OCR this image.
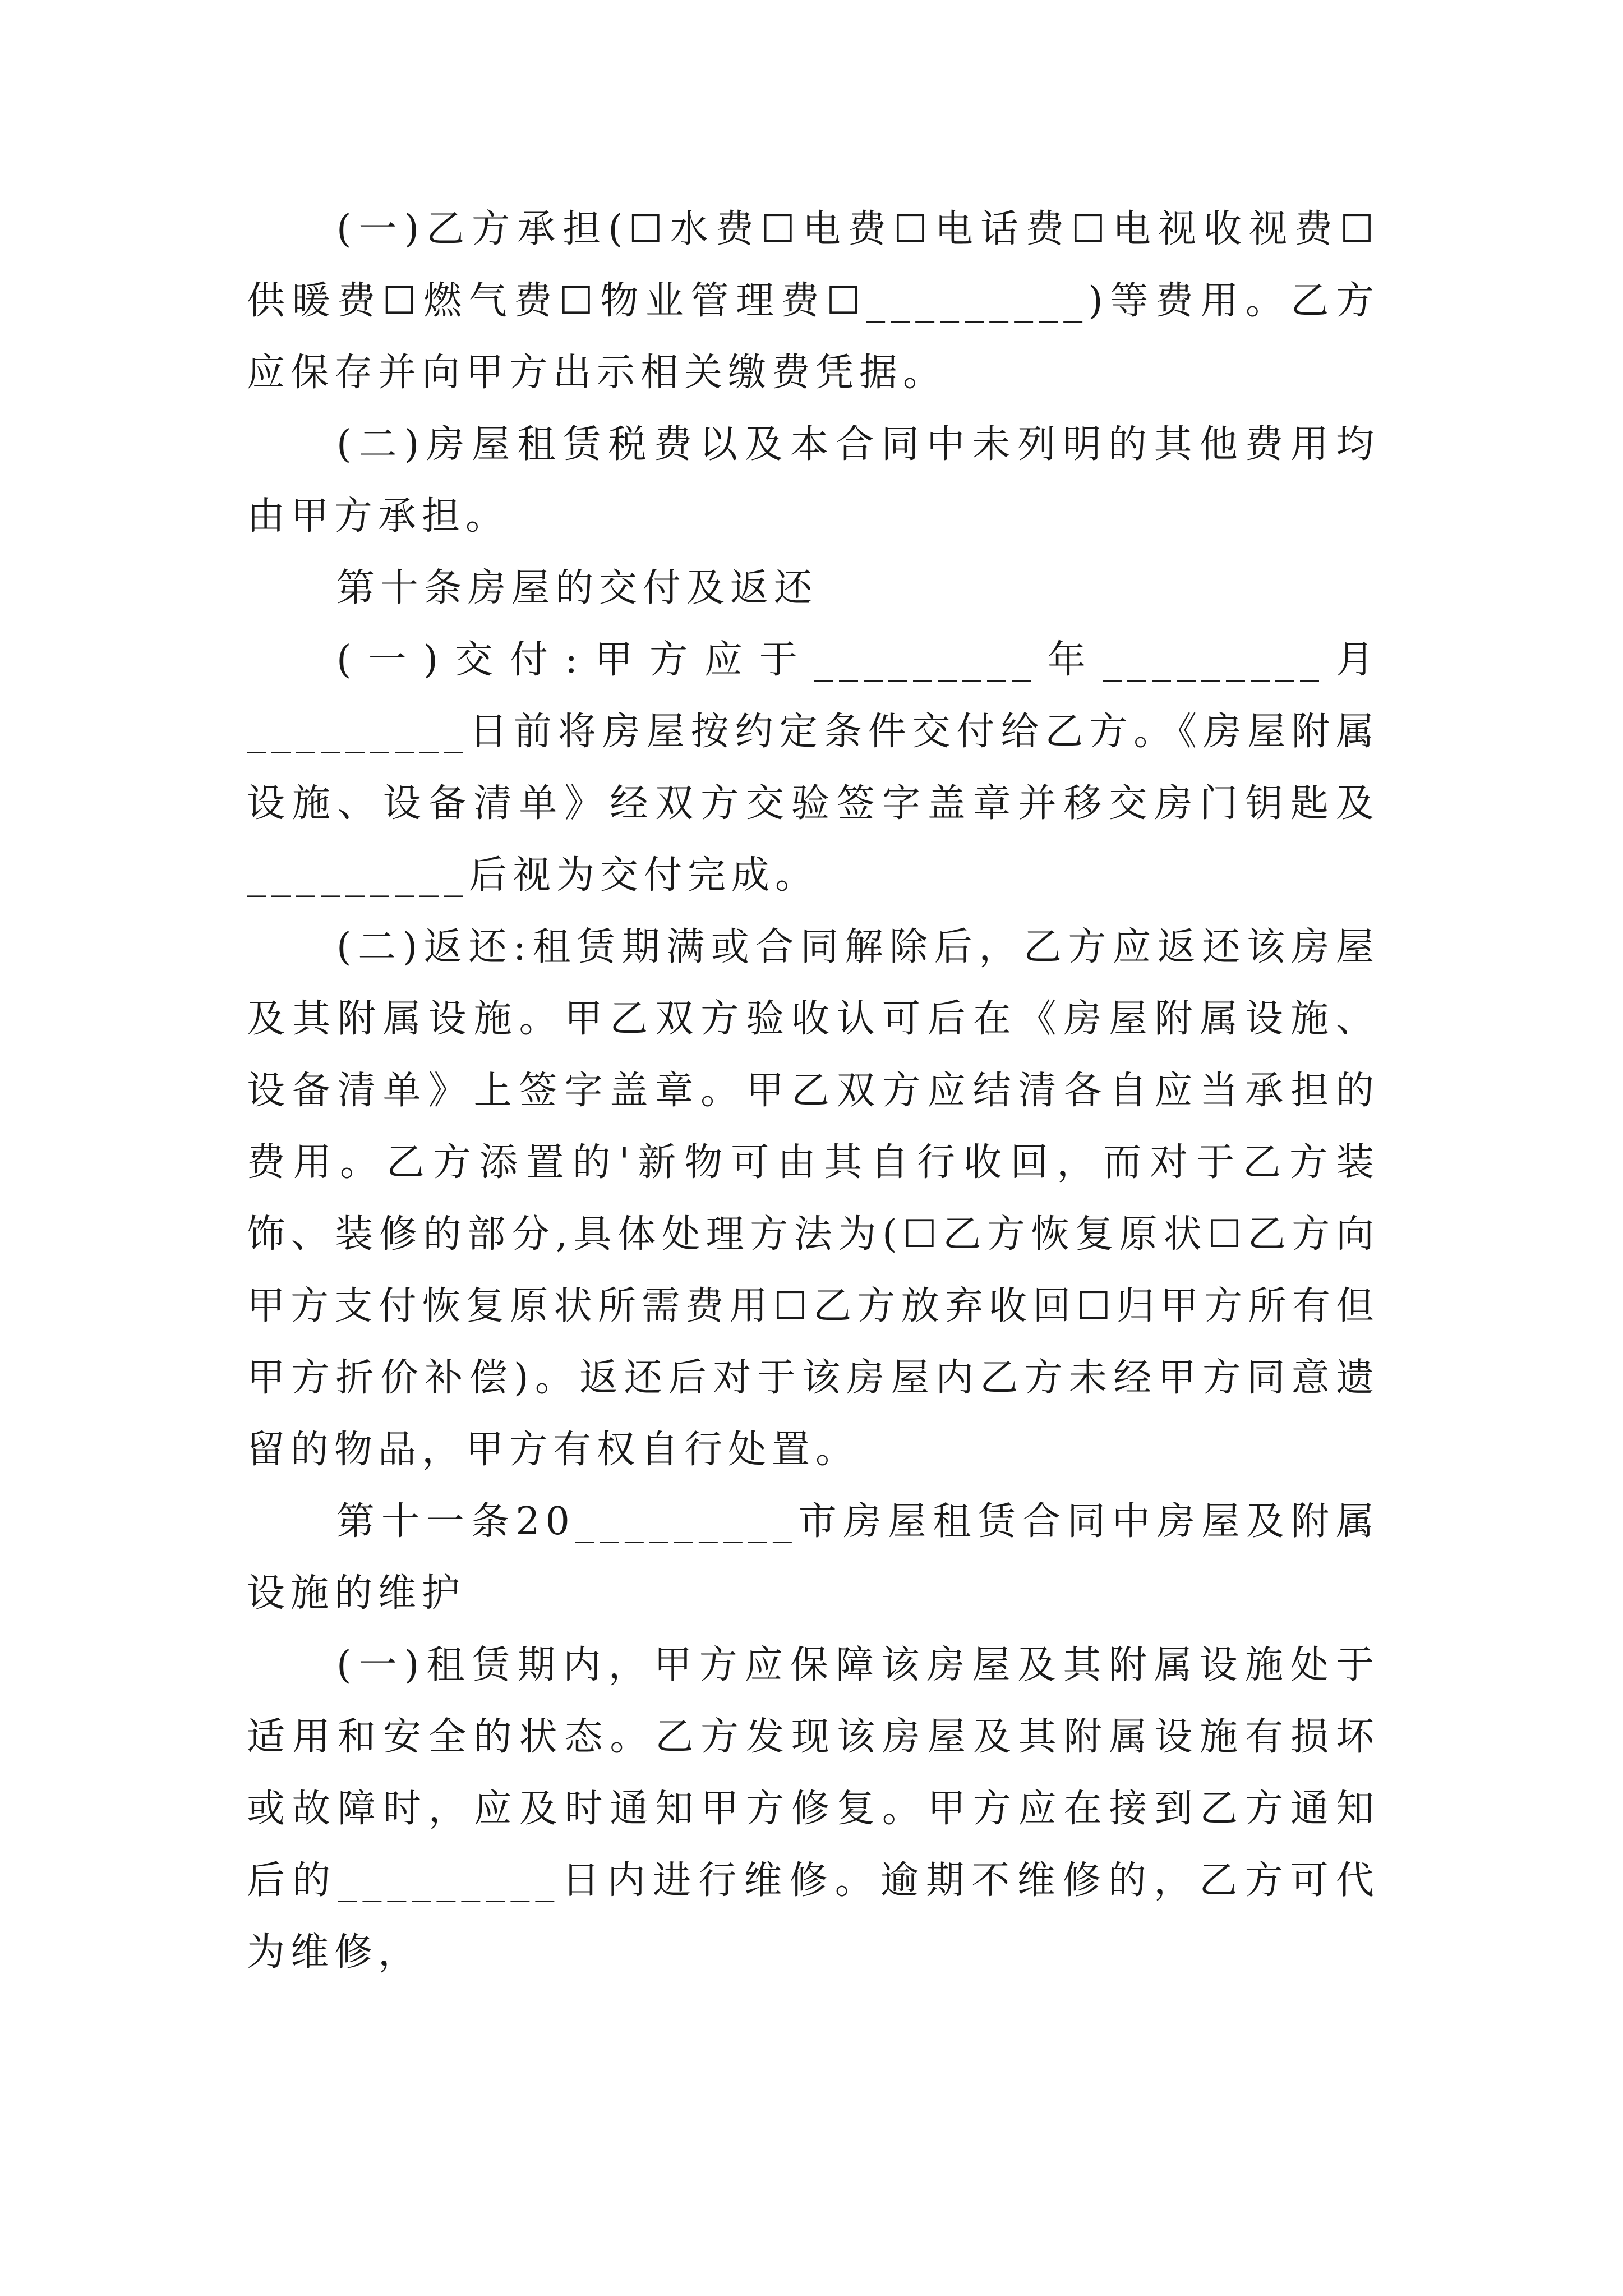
(一)乙方承担(☐水费☐电费☐电话费☐电视收视费☐供暖费☐燃气费☐物业管理费☐_________)等费用。乙方应保存并向甲方出示相关缴费凭据。

(二)房屋租赁税费以及本合同中未列明的其他费用均由甲方承担。

第十条房屋的交付及返还

(一)交付:甲方应于_________年_________月_________日前将房屋按约定条件交付给乙方。《房屋附属设施、设备清单》经双方交验签字盖章并移交房门钥匙及_________后视为交付完成。

(二)返还:租赁期满或合同解除后，乙方应返还该房屋及其附属设施。甲乙双方验收认可后在《房屋附属设施、设备清单》上签字盖章。甲乙双方应结清各自应当承担的费用。乙方添置的'新物可由其自行收回，而对于乙方装饰、装修的部分,具体处理方法为(☐乙方恢复原状☐乙方向甲方支付恢复原状所需费用☐乙方放弃收回☐归甲方所有但甲方折价补偿)。返还后对于该房屋内乙方未经甲方同意遗留的物品，甲方有权自行处置。

第十一条20_________市房屋租赁合同中房屋及附属设施的维护

(一)租赁期内，甲方应保障该房屋及其附属设施处于适用和安全的状态。乙方发现该房屋及其附属设施有损坏或故障时，应及时通知甲方修复。甲方应在接到乙方通知后的_________日内进行维修。逾期不维修的，乙方可代为维修，
